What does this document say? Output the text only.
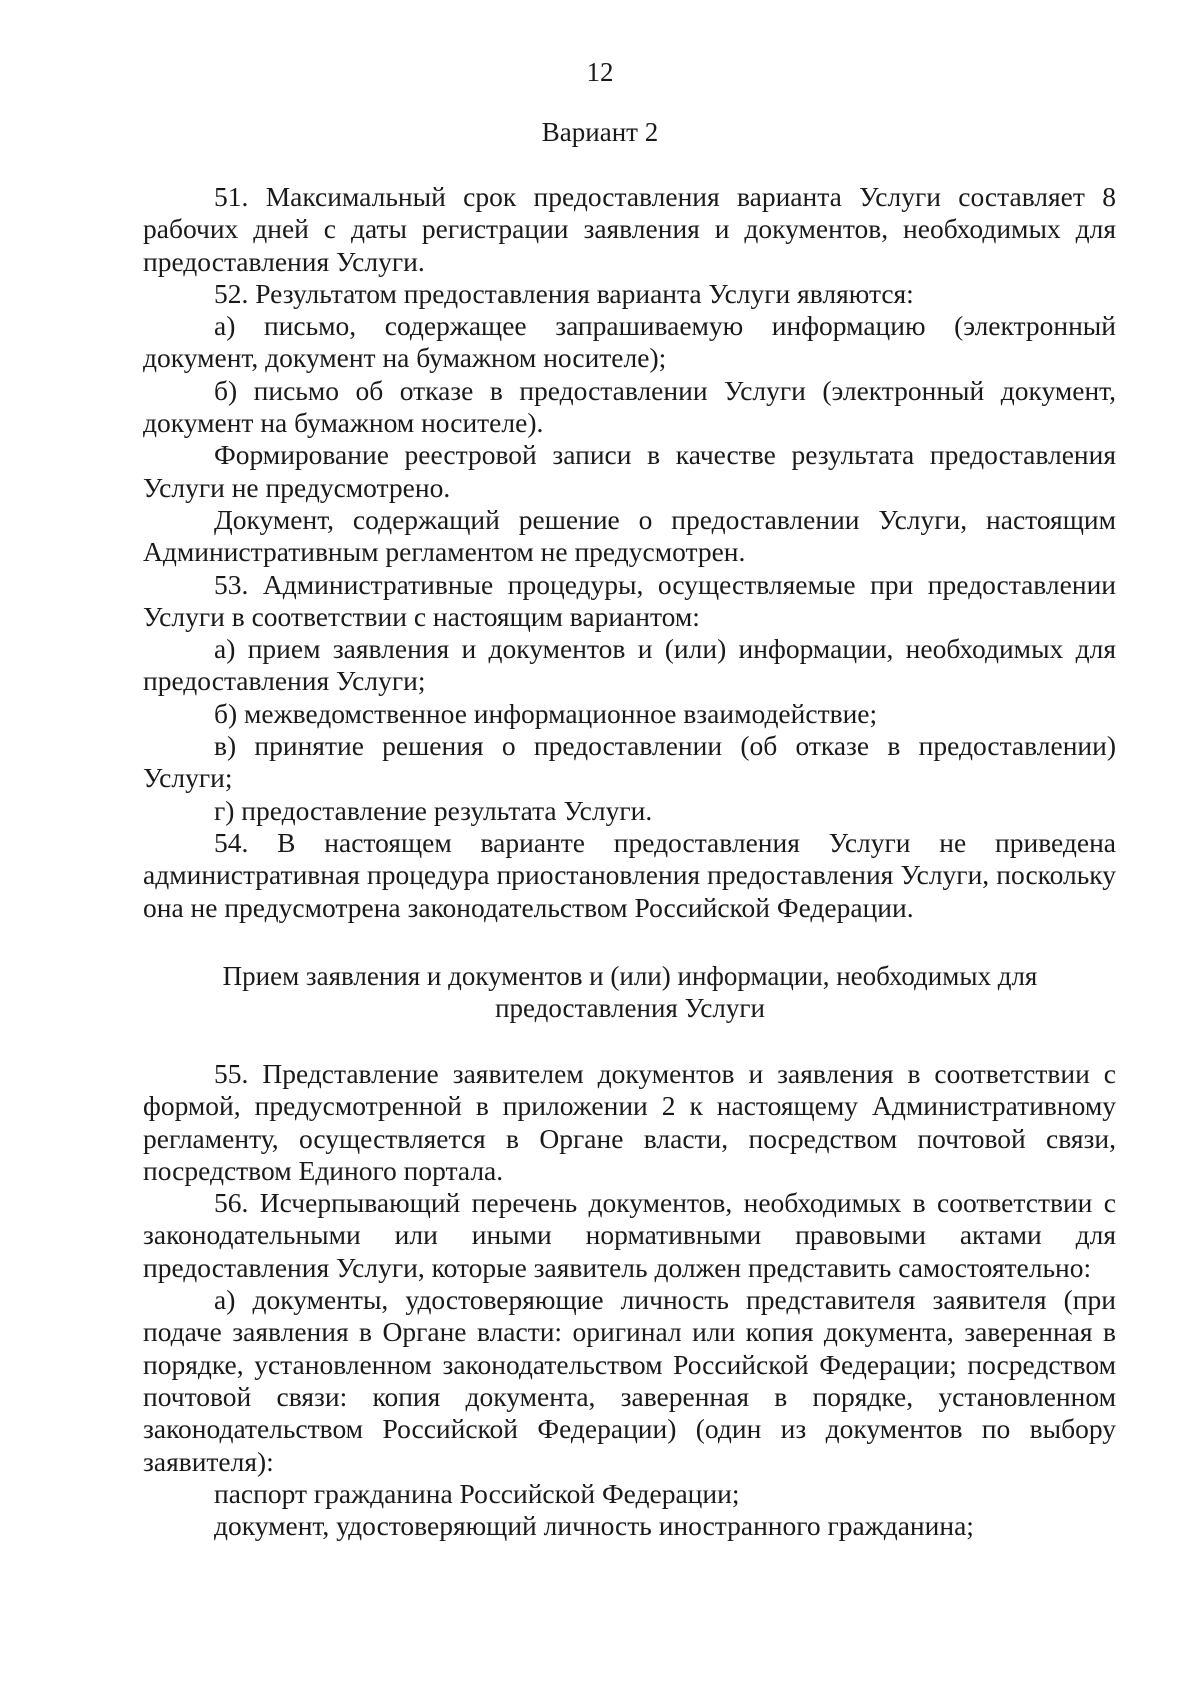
12
Вариант 2

51. Максимальный срок предоставления варианта Услуги составляет 8 рабочих дней с даты регистрации заявления и документов, необходимых для предоставления Услуги.

52. Результатом предоставления варианта Услуги являются:

а) письмо, содержащее запрашиваемую информацию (электронный документ, документ на бумажном носителе);

б) письмо об отказе в предоставлении Услуги (электронный документ, документ на бумажном носителе).

Формирование реестровой записи в качестве результата предоставления Услуги не предусмотрено.

Документ, содержащий решение о предоставлении Услуги, настоящим Административным регламентом не предусмотрен.

53. Административные процедуры, осуществляемые при предоставлении Услуги в соответствии с настоящим вариантом:

а) прием заявления и документов и (или) информации, необходимых для предоставления Услуги;

б) межведомственное информационное взаимодействие;

в) принятие решения о предоставлении (об отказе в предоставлении) Услуги;

г) предоставление результата Услуги.

54. В настоящем варианте предоставления Услуги не приведена административная процедура приостановления предоставления Услуги, поскольку она не предусмотрена законодательством Российской Федерации.

Прием заявления и документов и (или) информации, необходимых для
предоставления Услуги

55. Представление заявителем документов и заявления в соответствии с формой, предусмотренной в приложении 2 к настоящему Административному регламенту, осуществляется в Органе власти, посредством почтовой связи, посредством Единого портала.

56. Исчерпывающий перечень документов, необходимых в соответствии с законодательными или иными нормативными правовыми актами для предоставления Услуги, которые заявитель должен представить самостоятельно:

а) документы, удостоверяющие личность представителя заявителя (при подаче заявления в Органе власти: оригинал или копия документа, заверенная в порядке, установленном законодательством Российской Федерации; посредством почтовой связи: копия документа, заверенная в порядке, установленном законодательством Российской Федерации) (один из документов по выбору заявителя):

паспорт гражданина Российской Федерации;

документ, удостоверяющий личность иностранного гражданина;
